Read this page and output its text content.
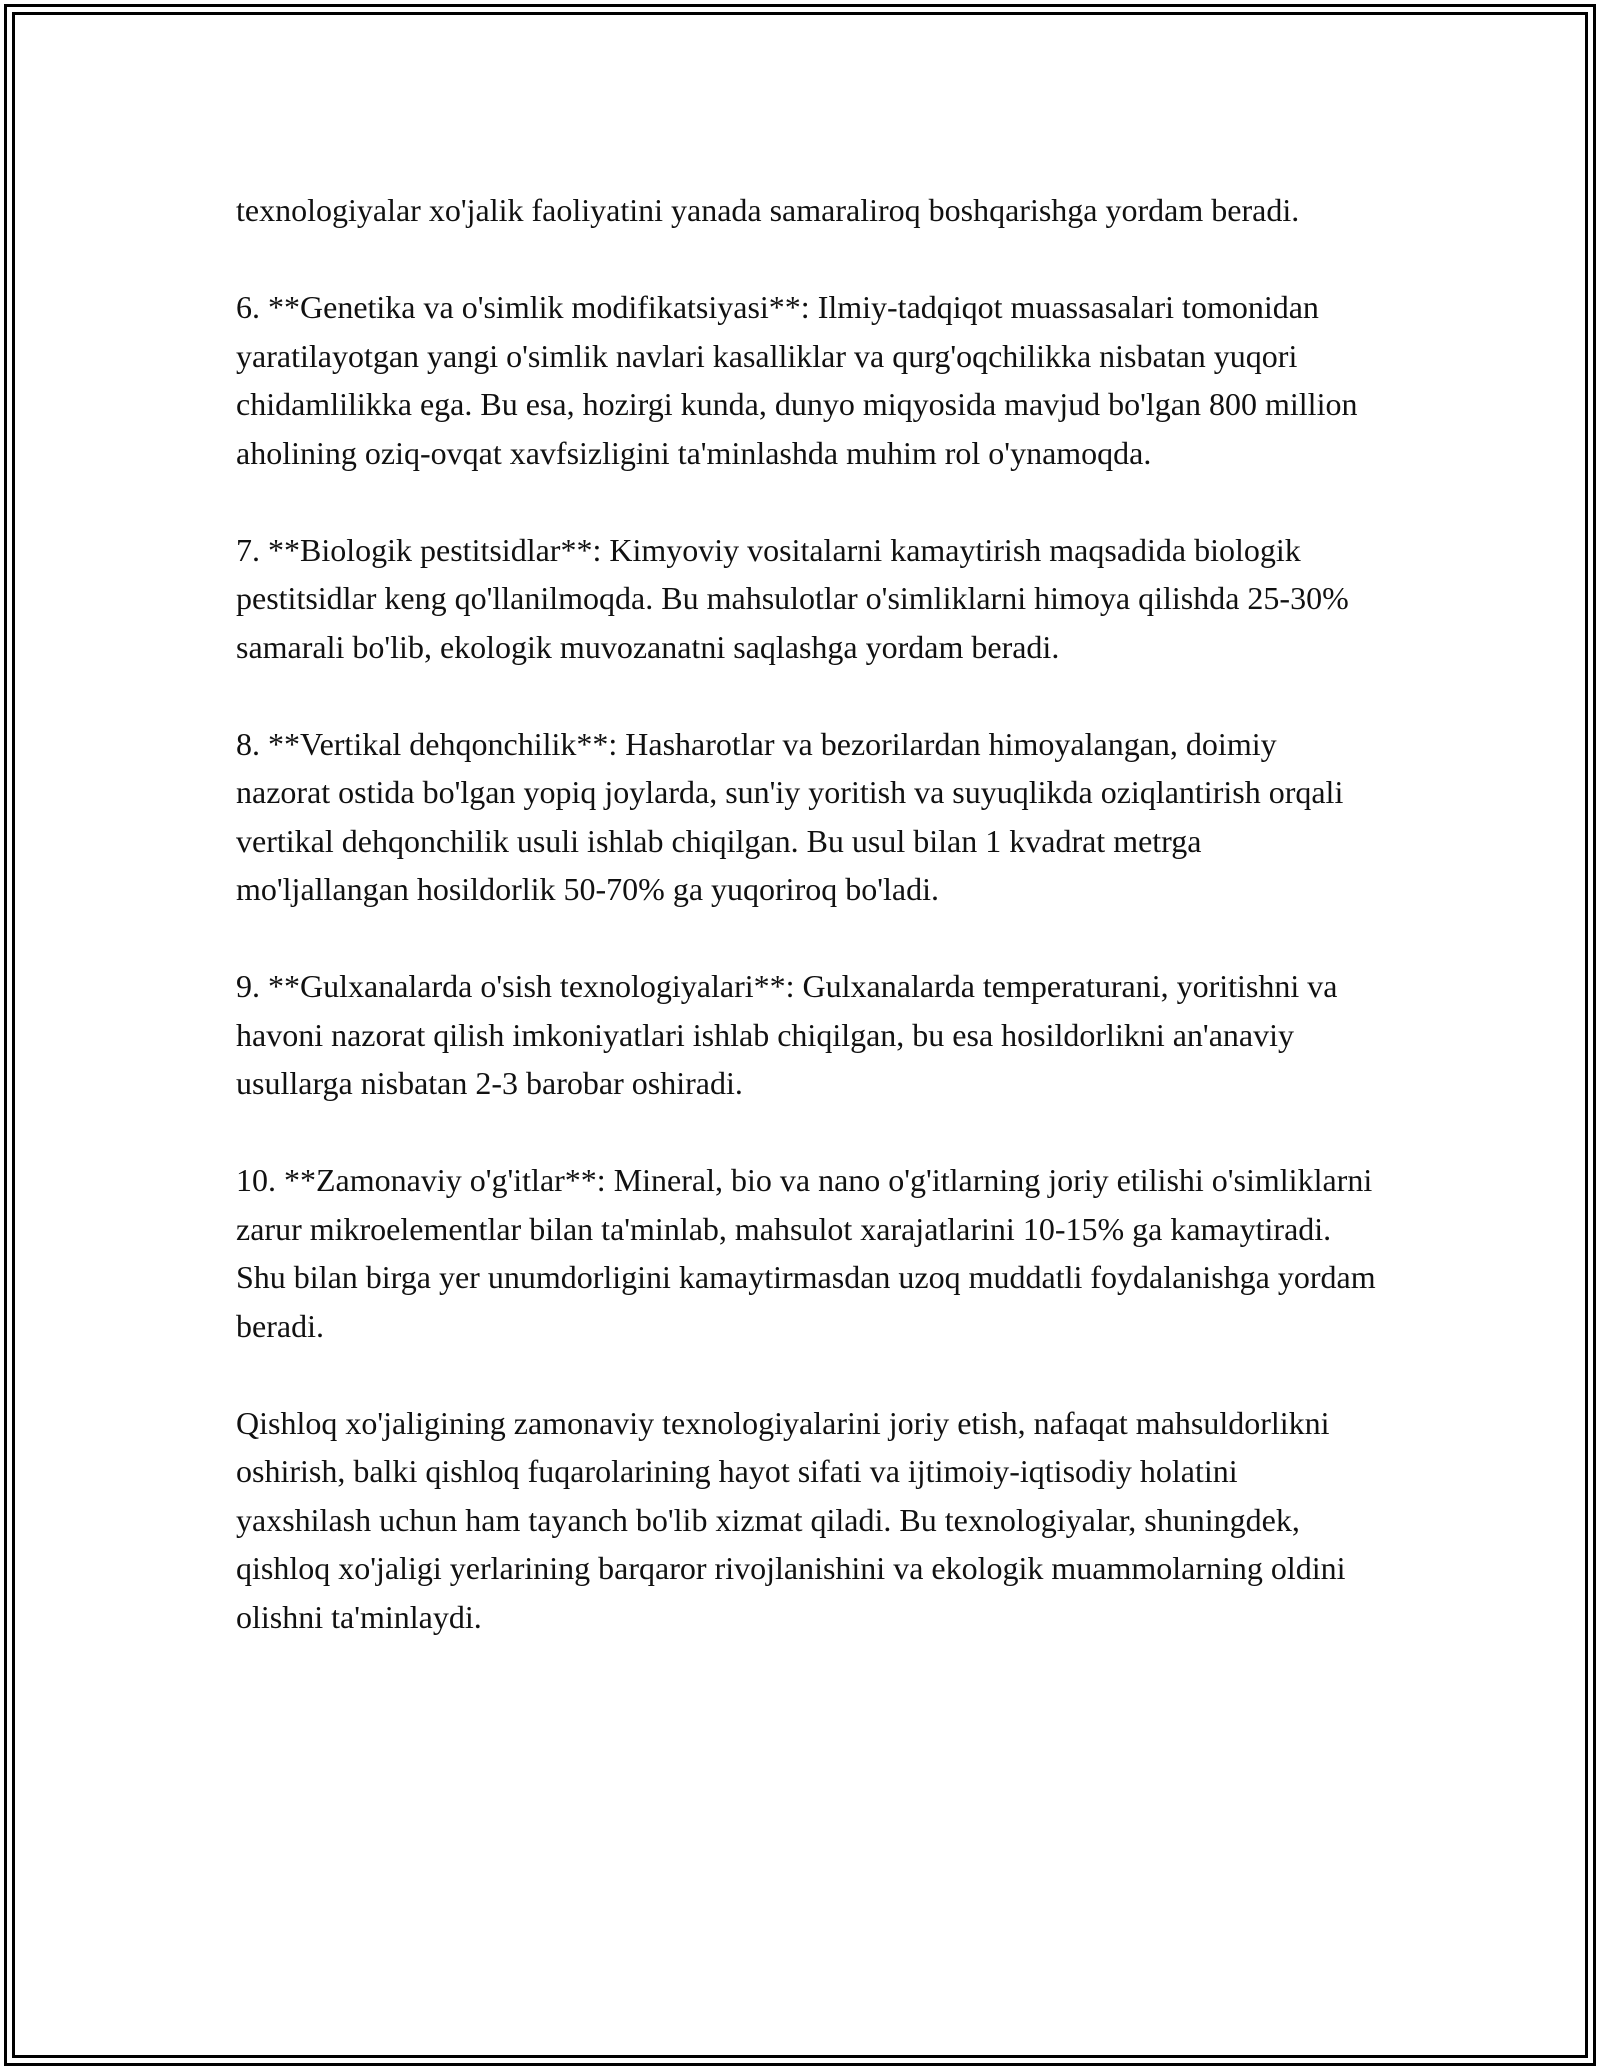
texnologiyalar xo'jalik faoliyatini yanada samaraliroq boshqarishga yordam beradi.

6. **Genetika va o'simlik modifikatsiyasi**: Ilmiy-tadqiqot muassasalari tomonidan yaratilayotgan yangi o'simlik navlari kasalliklar va qurg'oqchilikka nisbatan yuqori chidamlilikka ega. Bu esa, hozirgi kunda, dunyo miqyosida mavjud bo'lgan 800 million aholining oziq-ovqat xavfsizligini ta'minlashda muhim rol o'ynamoqda.

7. **Biologik pestitsidlar**: Kimyoviy vositalarni kamaytirish maqsadida biologik pestitsidlar keng qo'llanilmoqda. Bu mahsulotlar o'simliklarni himoya qilishda 25-30% samarali bo'lib, ekologik muvozanatni saqlashga yordam beradi.

8. **Vertikal dehqonchilik**: Hasharotlar va bezorilardan himoyalangan, doimiy nazorat ostida bo'lgan yopiq joylarda, sun'iy yoritish va suyuqlikda oziqlantirish orqali vertikal dehqonchilik usuli ishlab chiqilgan. Bu usul bilan 1 kvadrat metrga mo'ljallangan hosildorlik 50-70% ga yuqoriroq bo'ladi.

9. **Gulxanalarda o'sish texnologiyalari**: Gulxanalarda temperaturani, yoritishni va havoni nazorat qilish imkoniyatlari ishlab chiqilgan, bu esa hosildorlikni an'anaviy usullarga nisbatan 2-3 barobar oshiradi.

10. **Zamonaviy o'g'itlar**: Mineral, bio va nano o'g'itlarning joriy etilishi o'simliklarni zarur mikroelementlar bilan ta'minlab, mahsulot xarajatlarini 10-15% ga kamaytiradi. Shu bilan birga yer unumdorligini kamaytirmasdan uzoq muddatli foydalanishga yordam beradi.

Qishloq xo'jaligining zamonaviy texnologiyalarini joriy etish, nafaqat mahsuldorlikni oshirish, balki qishloq fuqarolarining hayot sifati va ijtimoiy-iqtisodiy holatini yaxshilash uchun ham tayanch bo'lib xizmat qiladi. Bu texnologiyalar, shuningdek, qishloq xo'jaligi yerlarining barqaror rivojlanishini va ekologik muammolarning oldini olishni ta'minlaydi.
